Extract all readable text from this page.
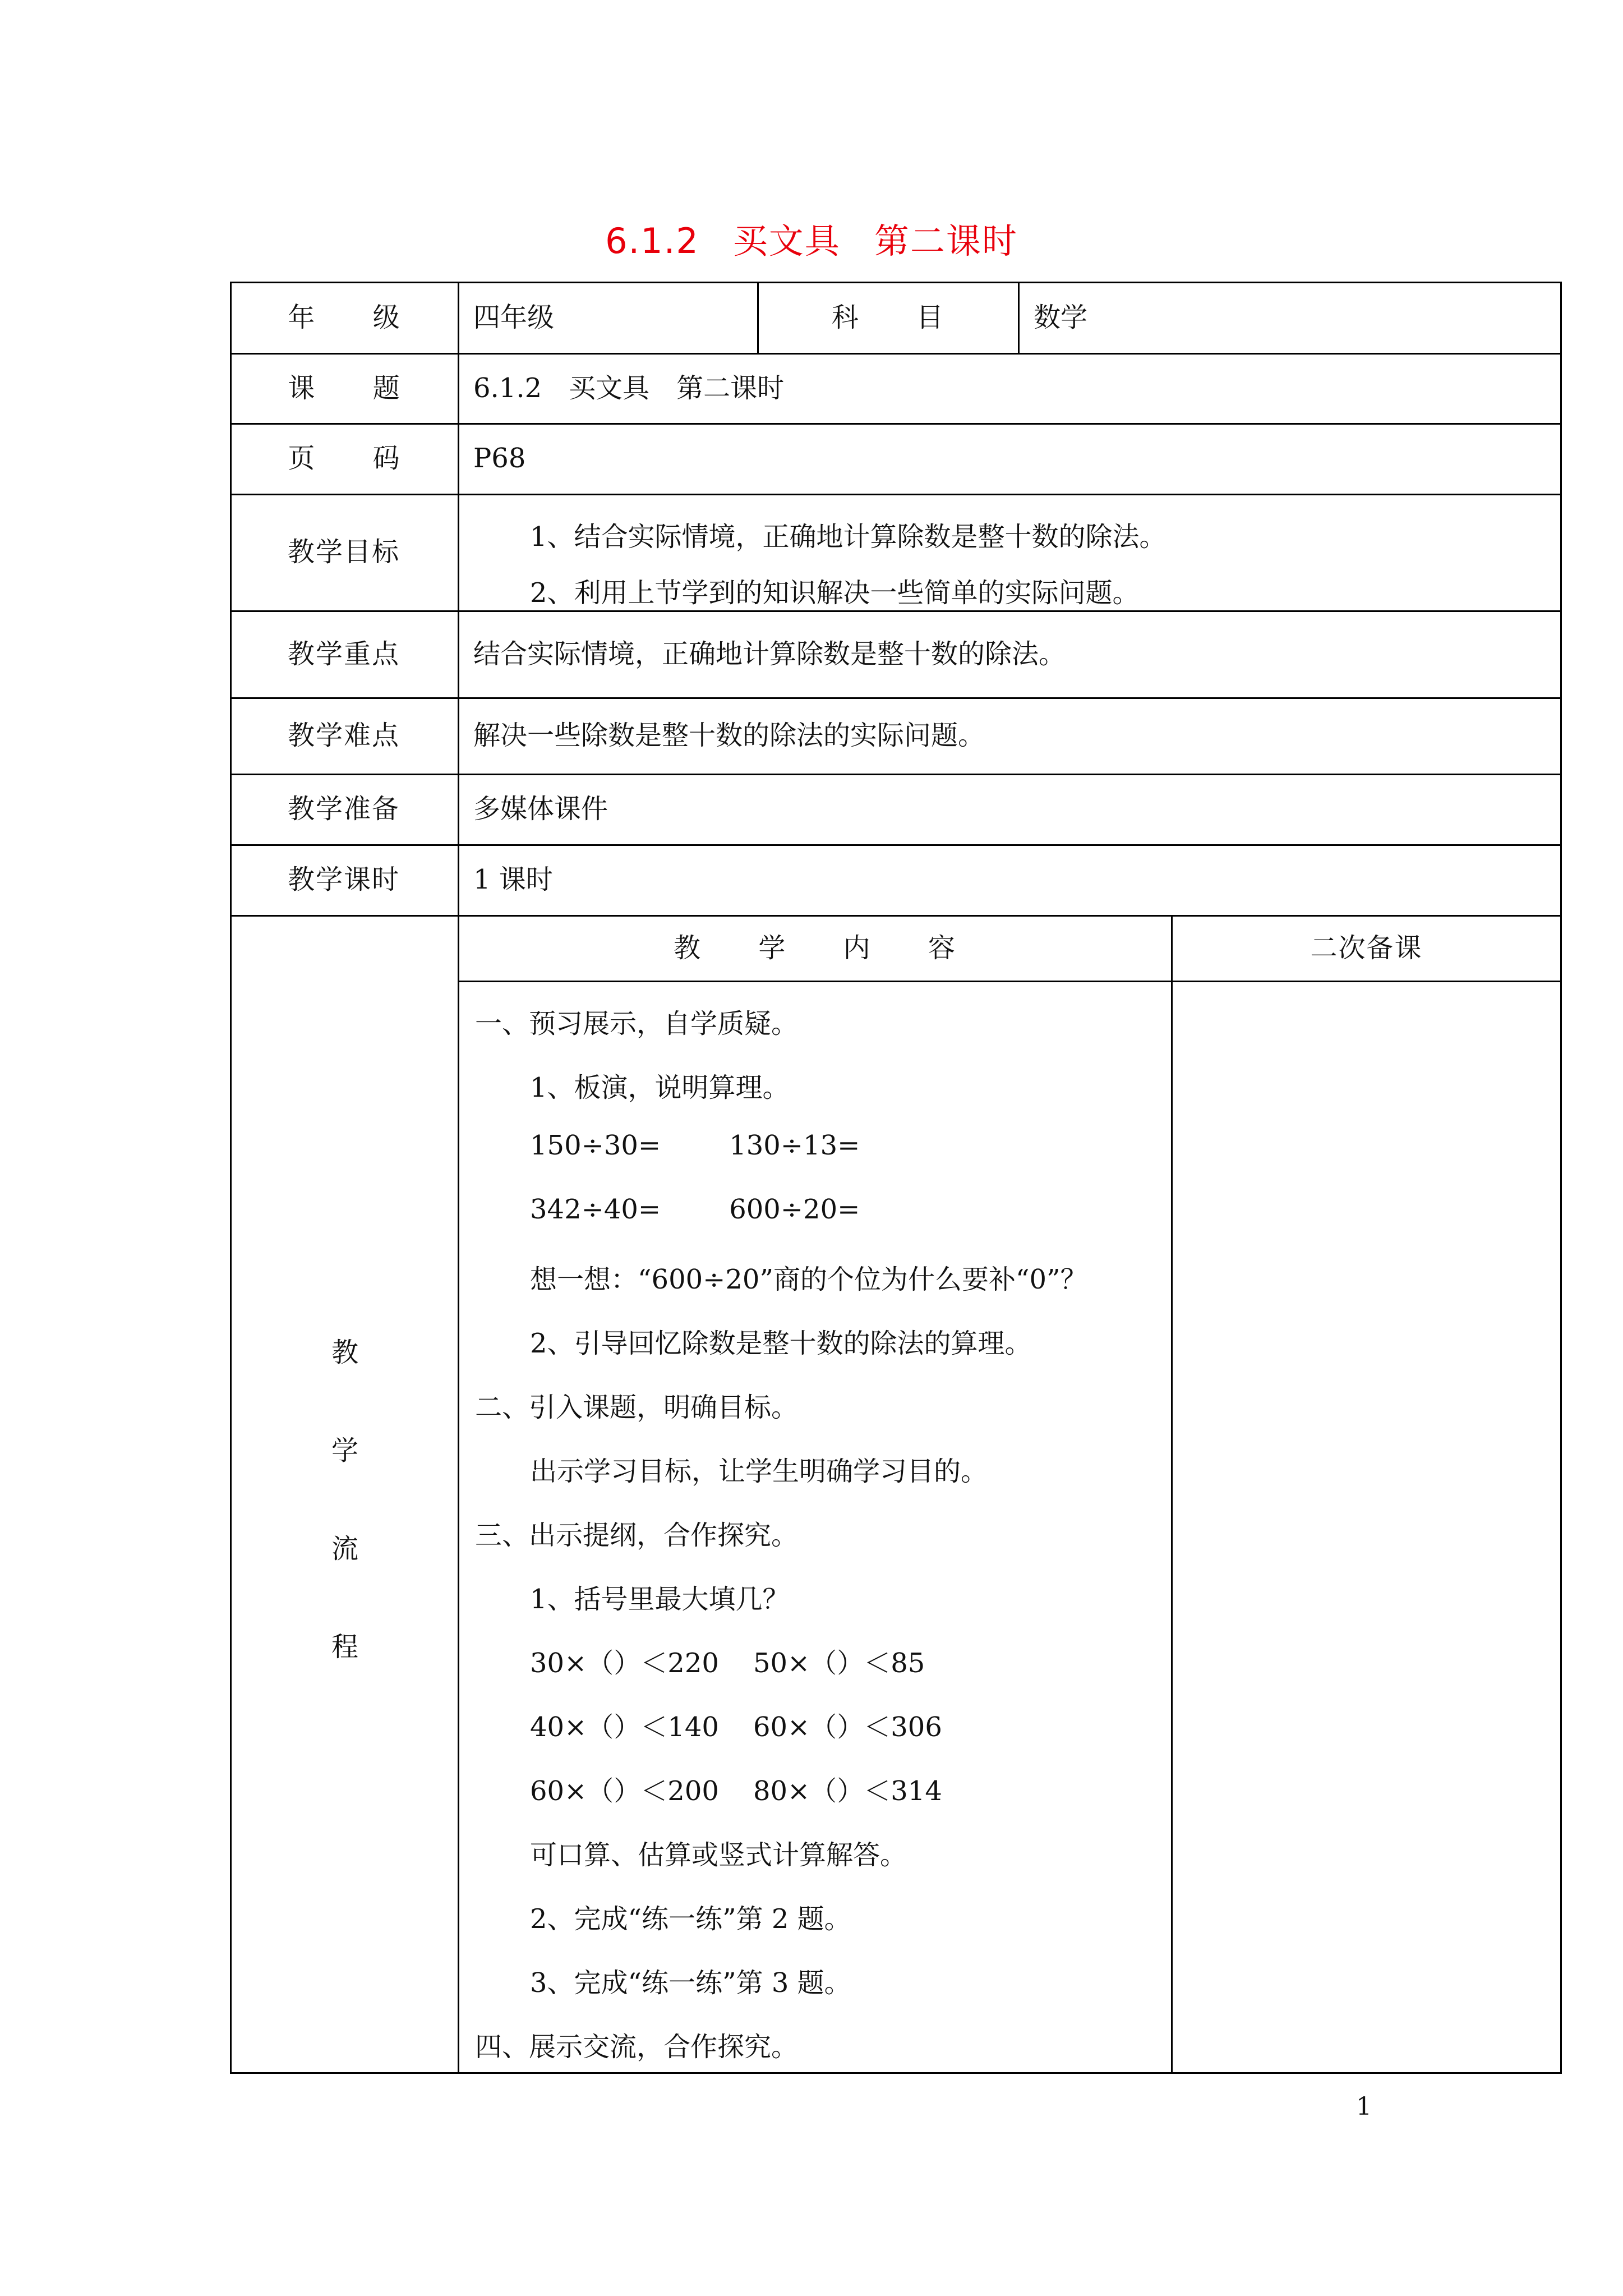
6.1.2 买文具 第二课时
年 级	四年级	科 目	数学
课 题	6.1.2　买文具　第二课时
页 码	P68
教学目标	1、结合实际情境，正确地计算除数是整十数的除法。
2、利用上节学到的知识解决一些简单的实际问题。
教学重点	结合实际情境，正确地计算除数是整十数的除法。
教学难点	解决一些除数是整十数的除法的实际问题。
教学准备	多媒体课件
教学课时	1 课时
教 学 内 容	二次备课
教
学
流
程
一、预习展示，自学质疑。
1、板演，说明算理。
150÷30=        130÷13=
342÷40=        600÷20=
想一想：“600÷20”商的个位为什么要补“0”？
2、引导回忆除数是整十数的除法的算理。
二、引入课题，明确目标。
出示学习目标，让学生明确学习目的。
三、出示提纲，合作探究。
1、括号里最大填几？
30×（）＜220    50×（）＜85
40×（）＜140    60×（）＜306
60×（）＜200    80×（）＜314
可口算、估算或竖式计算解答。
2、完成“练一练”第 2 题。
3、完成“练一练”第 3 题。
四、展示交流，合作探究。
1
